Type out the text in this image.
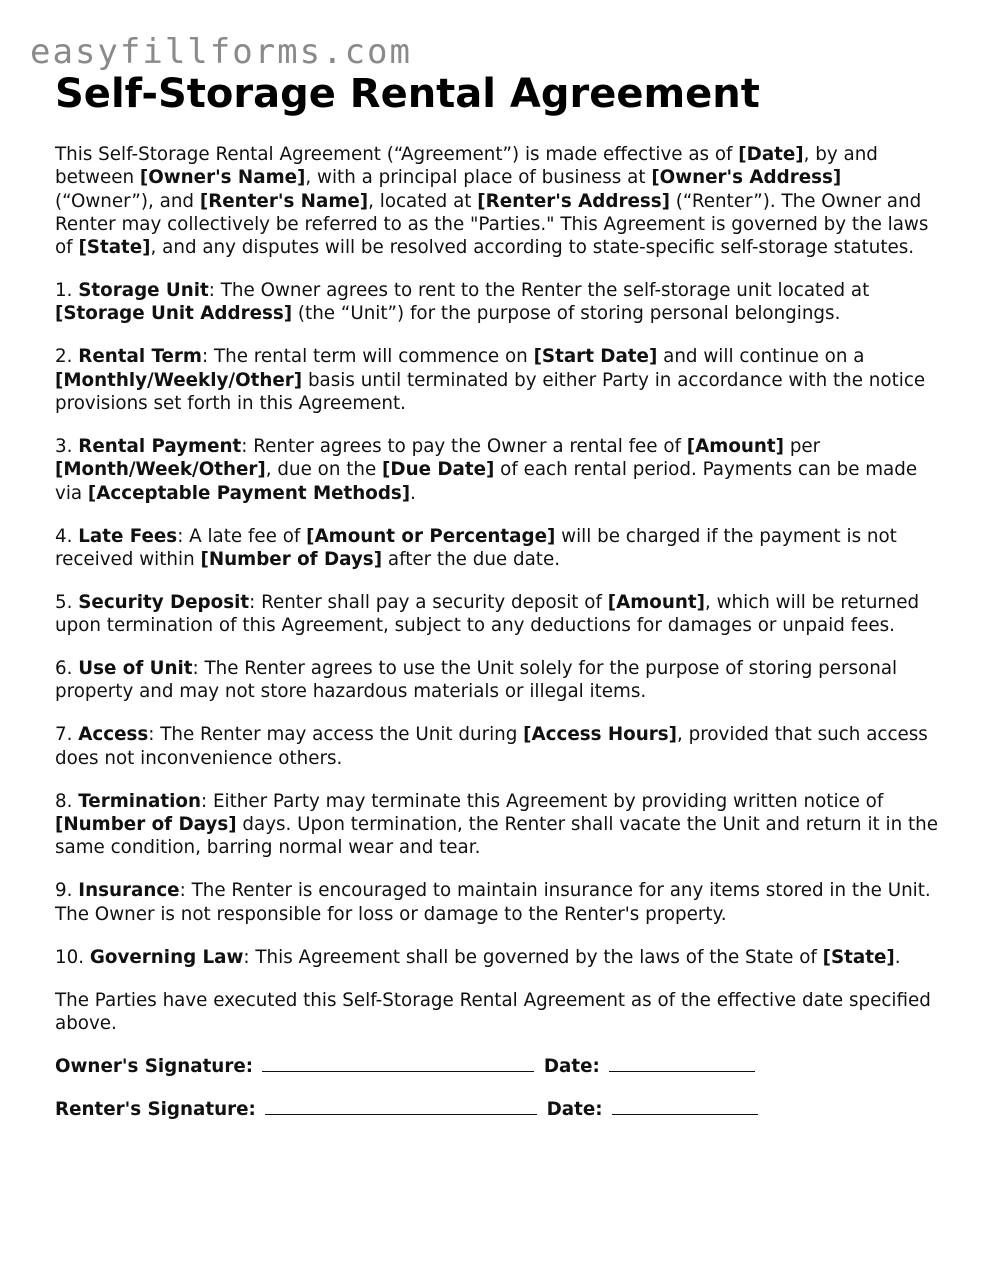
easyfillforms.com
Self-Storage Rental Agreement

This Self-Storage Rental Agreement (“Agreement”) is made effective as of [Date], by and between [Owner's Name], with a principal place of business at [Owner's Address] (“Owner”), and [Renter's Name], located at [Renter's Address] (“Renter”). The Owner and Renter may collectively be referred to as the "Parties." This Agreement is governed by the laws of [State], and any disputes will be resolved according to state-specific self-storage statutes.

1. Storage Unit: The Owner agrees to rent to the Renter the self-storage unit located at [Storage Unit Address] (the “Unit”) for the purpose of storing personal belongings.

2. Rental Term: The rental term will commence on [Start Date] and will continue on a [Monthly/Weekly/Other] basis until terminated by either Party in accordance with the notice provisions set forth in this Agreement.

3. Rental Payment: Renter agrees to pay the Owner a rental fee of [Amount] per [Month/Week/Other], due on the [Due Date] of each rental period. Payments can be made via [Acceptable Payment Methods].

4. Late Fees: A late fee of [Amount or Percentage] will be charged if the payment is not received within [Number of Days] after the due date.

5. Security Deposit: Renter shall pay a security deposit of [Amount], which will be returned upon termination of this Agreement, subject to any deductions for damages or unpaid fees.

6. Use of Unit: The Renter agrees to use the Unit solely for the purpose of storing personal property and may not store hazardous materials or illegal items.

7. Access: The Renter may access the Unit during [Access Hours], provided that such access does not inconvenience others.

8. Termination: Either Party may terminate this Agreement by providing written notice of [Number of Days] days. Upon termination, the Renter shall vacate the Unit and return it in the same condition, barring normal wear and tear.

9. Insurance: The Renter is encouraged to maintain insurance for any items stored in the Unit. The Owner is not responsible for loss or damage to the Renter's property.

10. Governing Law: This Agreement shall be governed by the laws of the State of [State].

The Parties have executed this Self-Storage Rental Agreement as of the effective date specified above.

Owner's Signature:	Date:

Renter's Signature:	Date:
